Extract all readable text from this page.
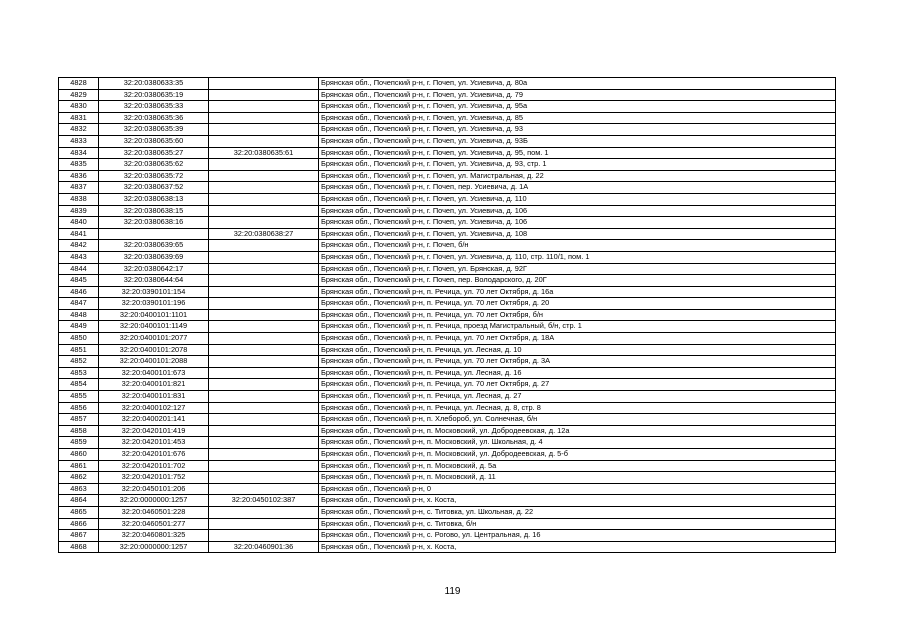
4828	32:20:0380633:35		Брянская обл., Почепский р-н, г. Почеп, ул. Усиевича, д. 80а
4829	32:20:0380635:19		Брянская обл., Почепский р-н, г. Почеп, ул. Усиевича, д. 79
4830	32:20:0380635:33		Брянская обл., Почепский р-н, г. Почеп, ул. Усиевича, д. 95а
4831	32:20:0380635:36		Брянская обл., Почепский р-н, г. Почеп, ул. Усиевича, д. 85
4832	32:20:0380635:39		Брянская обл., Почепский р-н, г. Почеп, ул. Усиевича, д. 93
4833	32:20:0380635:60		Брянская обл., Почепский р-н, г. Почеп, ул. Усиевича, д. 93Б
4834	32:20:0380635:27	32:20:0380635:61	Брянская обл., Почепский р-н, г. Почеп, ул. Усиевича, д. 95, пом. 1
4835	32:20:0380635:62		Брянская обл., Почепский р-н, г. Почеп, ул. Усиевича, д. 93, стр. 1
4836	32:20:0380635:72		Брянская обл., Почепский р-н, г. Почеп, ул. Магистральная, д. 22
4837	32:20:0380637:52		Брянская обл., Почепский р-н, г. Почеп, пер. Усиевича, д. 1А
4838	32:20:0380638:13		Брянская обл., Почепский р-н, г. Почеп, ул. Усиевича, д. 110
4839	32:20:0380638:15		Брянская обл., Почепский р-н, г. Почеп, ул. Усиевича, д. 106
4840	32:20:0380638:16		Брянская обл., Почепский р-н, г. Почеп, ул. Усиевича, д. 106
4841		32:20:0380638:27	Брянская обл., Почепский р-н, г. Почеп, ул. Усиевича, д. 108
4842	32:20:0380639:65		Брянская обл., Почепский р-н, г. Почеп, б/н
4843	32:20:0380639:69		Брянская обл., Почепский р-н, г. Почеп, ул. Усиевича, д. 110, стр. 110/1, пом. 1
4844	32:20:0380642:17		Брянская обл., Почепский р-н, г. Почеп, ул. Брянская, д. 92Г
4845	32:20:0380644:64		Брянская обл., Почепский р-н, г. Почеп, пер. Володарского, д. 20Г
4846	32:20:0390101:154		Брянская обл., Почепский р-н, п. Речица, ул. 70 лет Октября, д. 16а
4847	32:20:0390101:196		Брянская обл., Почепский р-н, п. Речица, ул. 70 лет Октября, д. 20
4848	32:20:0400101:1101		Брянская обл., Почепский р-н, п. Речица, ул. 70 лет Октября, б/н
4849	32:20:0400101:1149		Брянская обл., Почепский р-н, п. Речица, проезд Магистральный, б/н, стр. 1
4850	32:20:0400101:2077		Брянская обл., Почепский р-н, п. Речица, ул. 70 лет Октября, д. 18А
4851	32:20:0400101:2078		Брянская обл., Почепский р-н, п. Речица, ул. Лесная, д. 10
4852	32:20:0400101:2088		Брянская обл., Почепский р-н, п. Речица, ул. 70 лет Октября, д. 3А
4853	32:20:0400101:673		Брянская обл., Почепский р-н, п. Речица, ул. Лесная, д. 16
4854	32:20:0400101:821		Брянская обл., Почепский р-н, п. Речица, ул. 70 лет Октября, д. 27
4855	32:20:0400101:831		Брянская обл., Почепский р-н, п. Речица, ул. Лесная, д. 27
4856	32:20:0400102:127		Брянская обл., Почепский р-н, п. Речица, ул. Лесная, д. 8, стр. 8
4857	32:20:0400201:141		Брянская обл., Почепский р-н, п. Хлебороб, ул. Солнечная, б/н
4858	32:20:0420101:419		Брянская обл., Почепский р-н, п. Московский, ул. Добродеевская, д. 12а
4859	32:20:0420101:453		Брянская обл., Почепский р-н, п. Московский, ул. Школьная, д. 4
4860	32:20:0420101:676		Брянская обл., Почепский р-н, п. Московский, ул. Добродеевская, д. 5-б
4861	32:20:0420101:702		Брянская обл., Почепский р-н, п. Московский, д. 5а
4862	32:20:0420101:752		Брянская обл., Почепский р-н, п. Московский, д. 11
4863	32:20:0450101:206		Брянская обл., Почепский р-н, 0
4864	32:20:0000000:1257	32:20:0450102:387	Брянская обл., Почепский р-н, х. Коста,
4865	32:20:0460501:228		Брянская обл., Почепский р-н, с. Титовка, ул. Школьная, д. 22
4866	32:20:0460501:277		Брянская обл., Почепский р-н, с. Титовка, б/н
4867	32:20:0460801:325		Брянская обл., Почепский р-н, с. Рогово, ул. Центральная, д. 16
4868	32:20:0000000:1257	32:20:0460901:36	Брянская обл., Почепский р-н, х. Коста,
119
